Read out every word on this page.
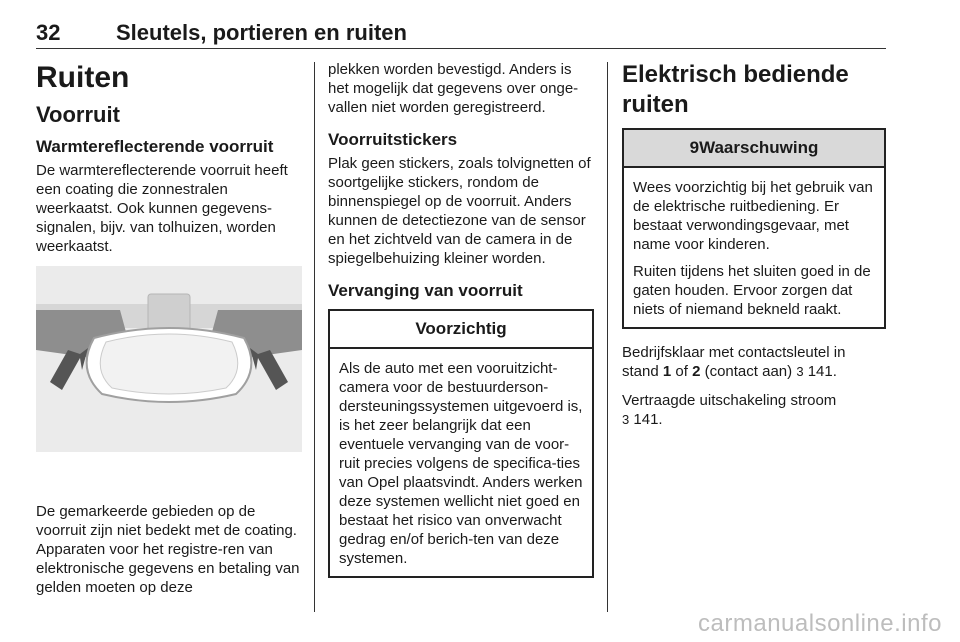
32	Sleutels, portieren en ruiten
Ruiten
Voorruit
Warmtereflecterende voorruit

De warmtereflecterende voorruit heeft een coating die zonnestralen weerkaatst. Ook kunnen gegevens-signalen, bijv. van tolhuizen, worden weerkaatst.

De gemarkeerde gebieden op de voorruit zijn niet bedekt met de coating. Apparaten voor het registre-ren van elektronische gegevens en betaling van gelden moeten op deze

plekken worden bevestigd. Anders is het mogelijk dat gegevens over onge-vallen niet worden geregistreerd.

Voorruitstickers

Plak geen stickers, zoals tolvignetten of soortgelijke stickers, rondom de binnenspiegel op de voorruit. Anders kunnen de detectiezone van de sensor en het zichtveld van de camera in de spiegelbehuizing kleiner worden.

Vervanging van voorruit
Voorzichtig

Als de auto met een vooruitzicht-camera voor de bestuurderson-dersteuningssystemen uitgevoerd is, is het zeer belangrijk dat een eventuele vervanging van de voor-ruit precies volgens de specifica-ties van Opel plaatsvindt. Anders werken deze systemen wellicht niet goed en bestaat het risico van onverwacht gedrag en/of berich-ten van deze systemen.

Elektrisch bediende ruiten
9Waarschuwing

Wees voorzichtig bij het gebruik van de elektrische ruitbediening. Er bestaat verwondingsgevaar, met name voor kinderen.

Ruiten tijdens het sluiten goed in de gaten houden. Ervoor zorgen dat niets of niemand bekneld raakt.

Bedrijfsklaar met contactsleutel in stand 1 of 2 (contact aan) 3 141.

Vertraagde uitschakeling stroom
3 141.

carmanualsonline.info
